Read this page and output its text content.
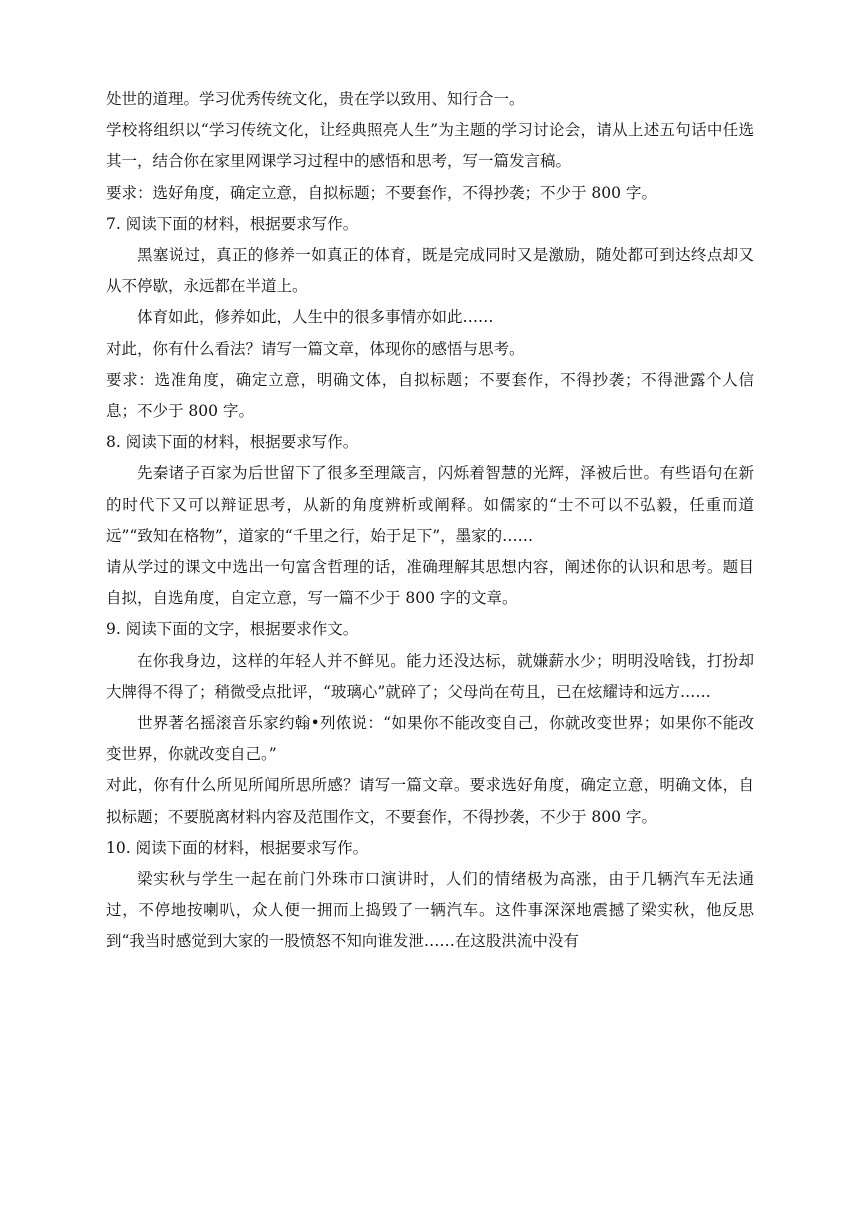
处世的道理。学习优秀传统文化，贵在学以致用、知行合一。

学校将组织以“学习传统文化，让经典照亮人生”为主题的学习讨论会，请从上述五句话中任选其一，结合你在家里网课学习过程中的感悟和思考，写一篇发言稿。

要求：选好角度，确定立意，自拟标题；不要套作，不得抄袭；不少于 800 字。

7. 阅读下面的材料，根据要求写作。

黑塞说过，真正的修养一如真正的体育，既是完成同时又是激励，随处都可到达终点却又从不停歇，永远都在半道上。

体育如此，修养如此，人生中的很多事情亦如此……

对此，你有什么看法？请写一篇文章，体现你的感悟与思考。

要求：选准角度，确定立意，明确文体，自拟标题；不要套作，不得抄袭；不得泄露个人信息；不少于 800 字。

8. 阅读下面的材料，根据要求写作。

先秦诸子百家为后世留下了很多至理箴言，闪烁着智慧的光辉，泽被后世。有些语句在新的时代下又可以辩证思考，从新的角度辨析或阐释。如儒家的“士不可以不弘毅，任重而道远”“致知在格物”，道家的“千里之行，始于足下”，墨家的……

请从学过的课文中选出一句富含哲理的话，准确理解其思想内容，阐述你的认识和思考。题目自拟，自选角度，自定立意，写一篇不少于 800 字的文章。

9. 阅读下面的文字，根据要求作文。

在你我身边，这样的年轻人并不鲜见。能力还没达标，就嫌薪水少；明明没啥钱，打扮却大牌得不得了；稍微受点批评，“玻璃心”就碎了；父母尚在苟且，已在炫耀诗和远方……

世界著名摇滚音乐家约翰•列侬说：“如果你不能改变自己，你就改变世界；如果你不能改变世界，你就改变自己。”

对此，你有什么所见所闻所思所感？请写一篇文章。要求选好角度，确定立意，明确文体，自拟标题；不要脱离材料内容及范围作文，不要套作，不得抄袭，不少于 800 字。

10. 阅读下面的材料，根据要求写作。

梁实秋与学生一起在前门外珠市口演讲时，人们的情绪极为高涨，由于几辆汽车无法通过，不停地按喇叭，众人便一拥而上捣毁了一辆汽车。这件事深深地震撼了梁实秋，他反思到“我当时感觉到大家的一股愤怒不知向谁发泄……在这股洪流中没有
